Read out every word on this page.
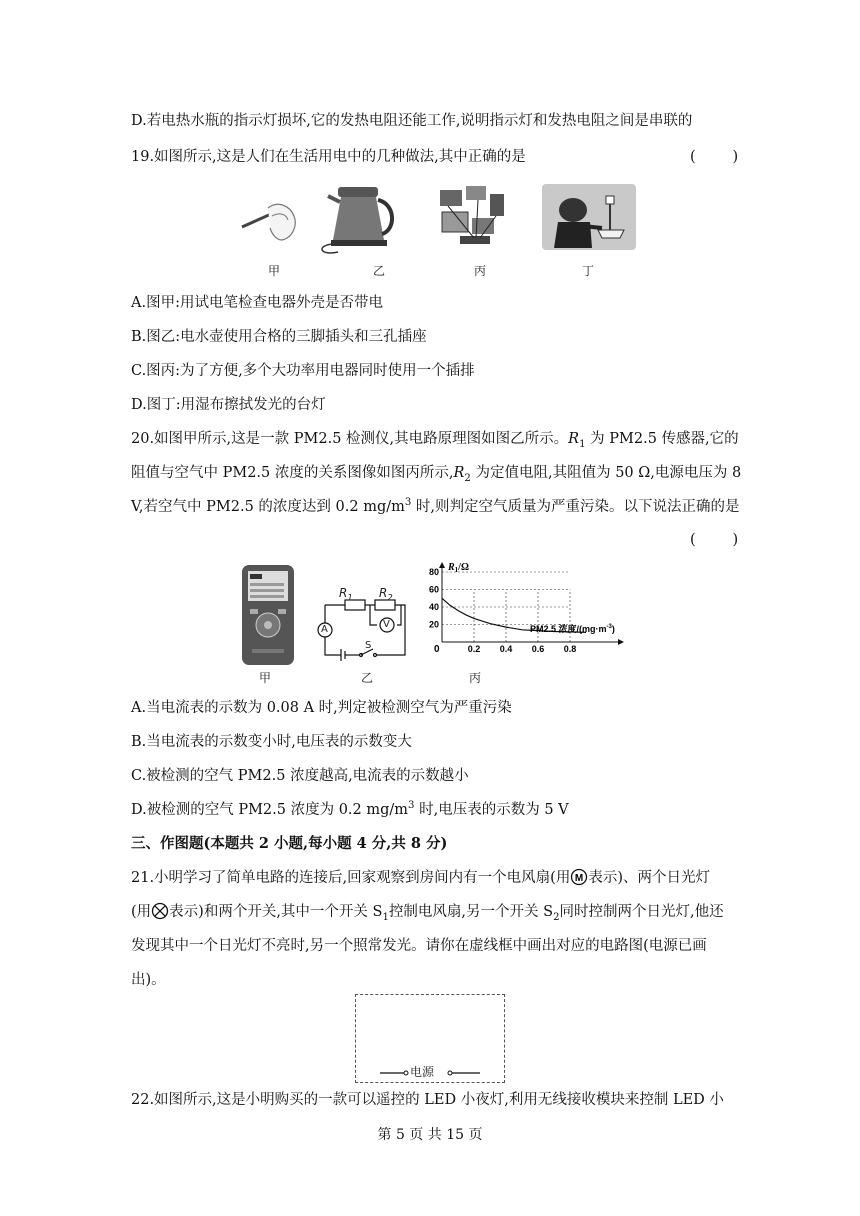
D.若电热水瓶的指示灯损坏,它的发热电阻还能工作,说明指示灯和发热电阻之间是串联的
19.如图所示,这是人们在生活用电中的几种做法,其中正确的是	(        )
甲	乙	丙	丁
A.图甲:用试电笔检查电器外壳是否带电
B.图乙:电水壶使用合格的三脚插头和三孔插座
C.图丙:为了方便,多个大功率用电器同时使用一个插排
D.图丁:用湿布擦拭发光的台灯
20.如图甲所示,这是一款 PM2.5 检测仪,其电路原理图如图乙所示。$R_1$ 为 PM2.5 传感器,它的
阻值与空气中 PM2.5 浓度的关系图像如图丙所示$,R_2$ 为定值电阻,其阻值为 50 Ω,电源电压为 8
V,若空气中 PM2.5 的浓度达到 0.2 $mg/m^3$ 时,则判定空气质量为严重污染。以下说法正确的是
(        )
甲
$R_1$ $R_2$
A	V
S
乙
20
40
60
80
0.2 0.4 0.6 0.8
0
$R_1/\Omega$
PM2.5 浓度$/(mg\cdot m^{-3})$
丙
A.当电流表的示数为 0.08 A 时,判定被检测空气为严重污染
B.当电流表的示数变小时,电压表的示数变大
C.被检测的空气 PM2.5 浓度越高,电流表的示数越小
D.被检测的空气 PM2.5 浓度为 0.2 $mg/m^3$ 时,电压表的示数为 5 V
三、作图题(本题共 2 小题,每小题 4 分,共 8 分)
21.小明学习了简单电路的连接后,回家观察到房间内有一个电风扇(用 M 表示)、两个日光灯
(用 表示)和两个开关,其中一个开关 $S_1$控制电风扇,另一个开关 $S_2$同时控制两个日光灯,他还
发现其中一个日光灯不亮时,另一个照常发光。请你在虚线框中画出对应的电路图(电源已画
出)。
电源
22.如图所示,这是小明购买的一款可以遥控的 LED 小夜灯,利用无线接收模块来控制 LED 小
第 5 页 共 15 页
